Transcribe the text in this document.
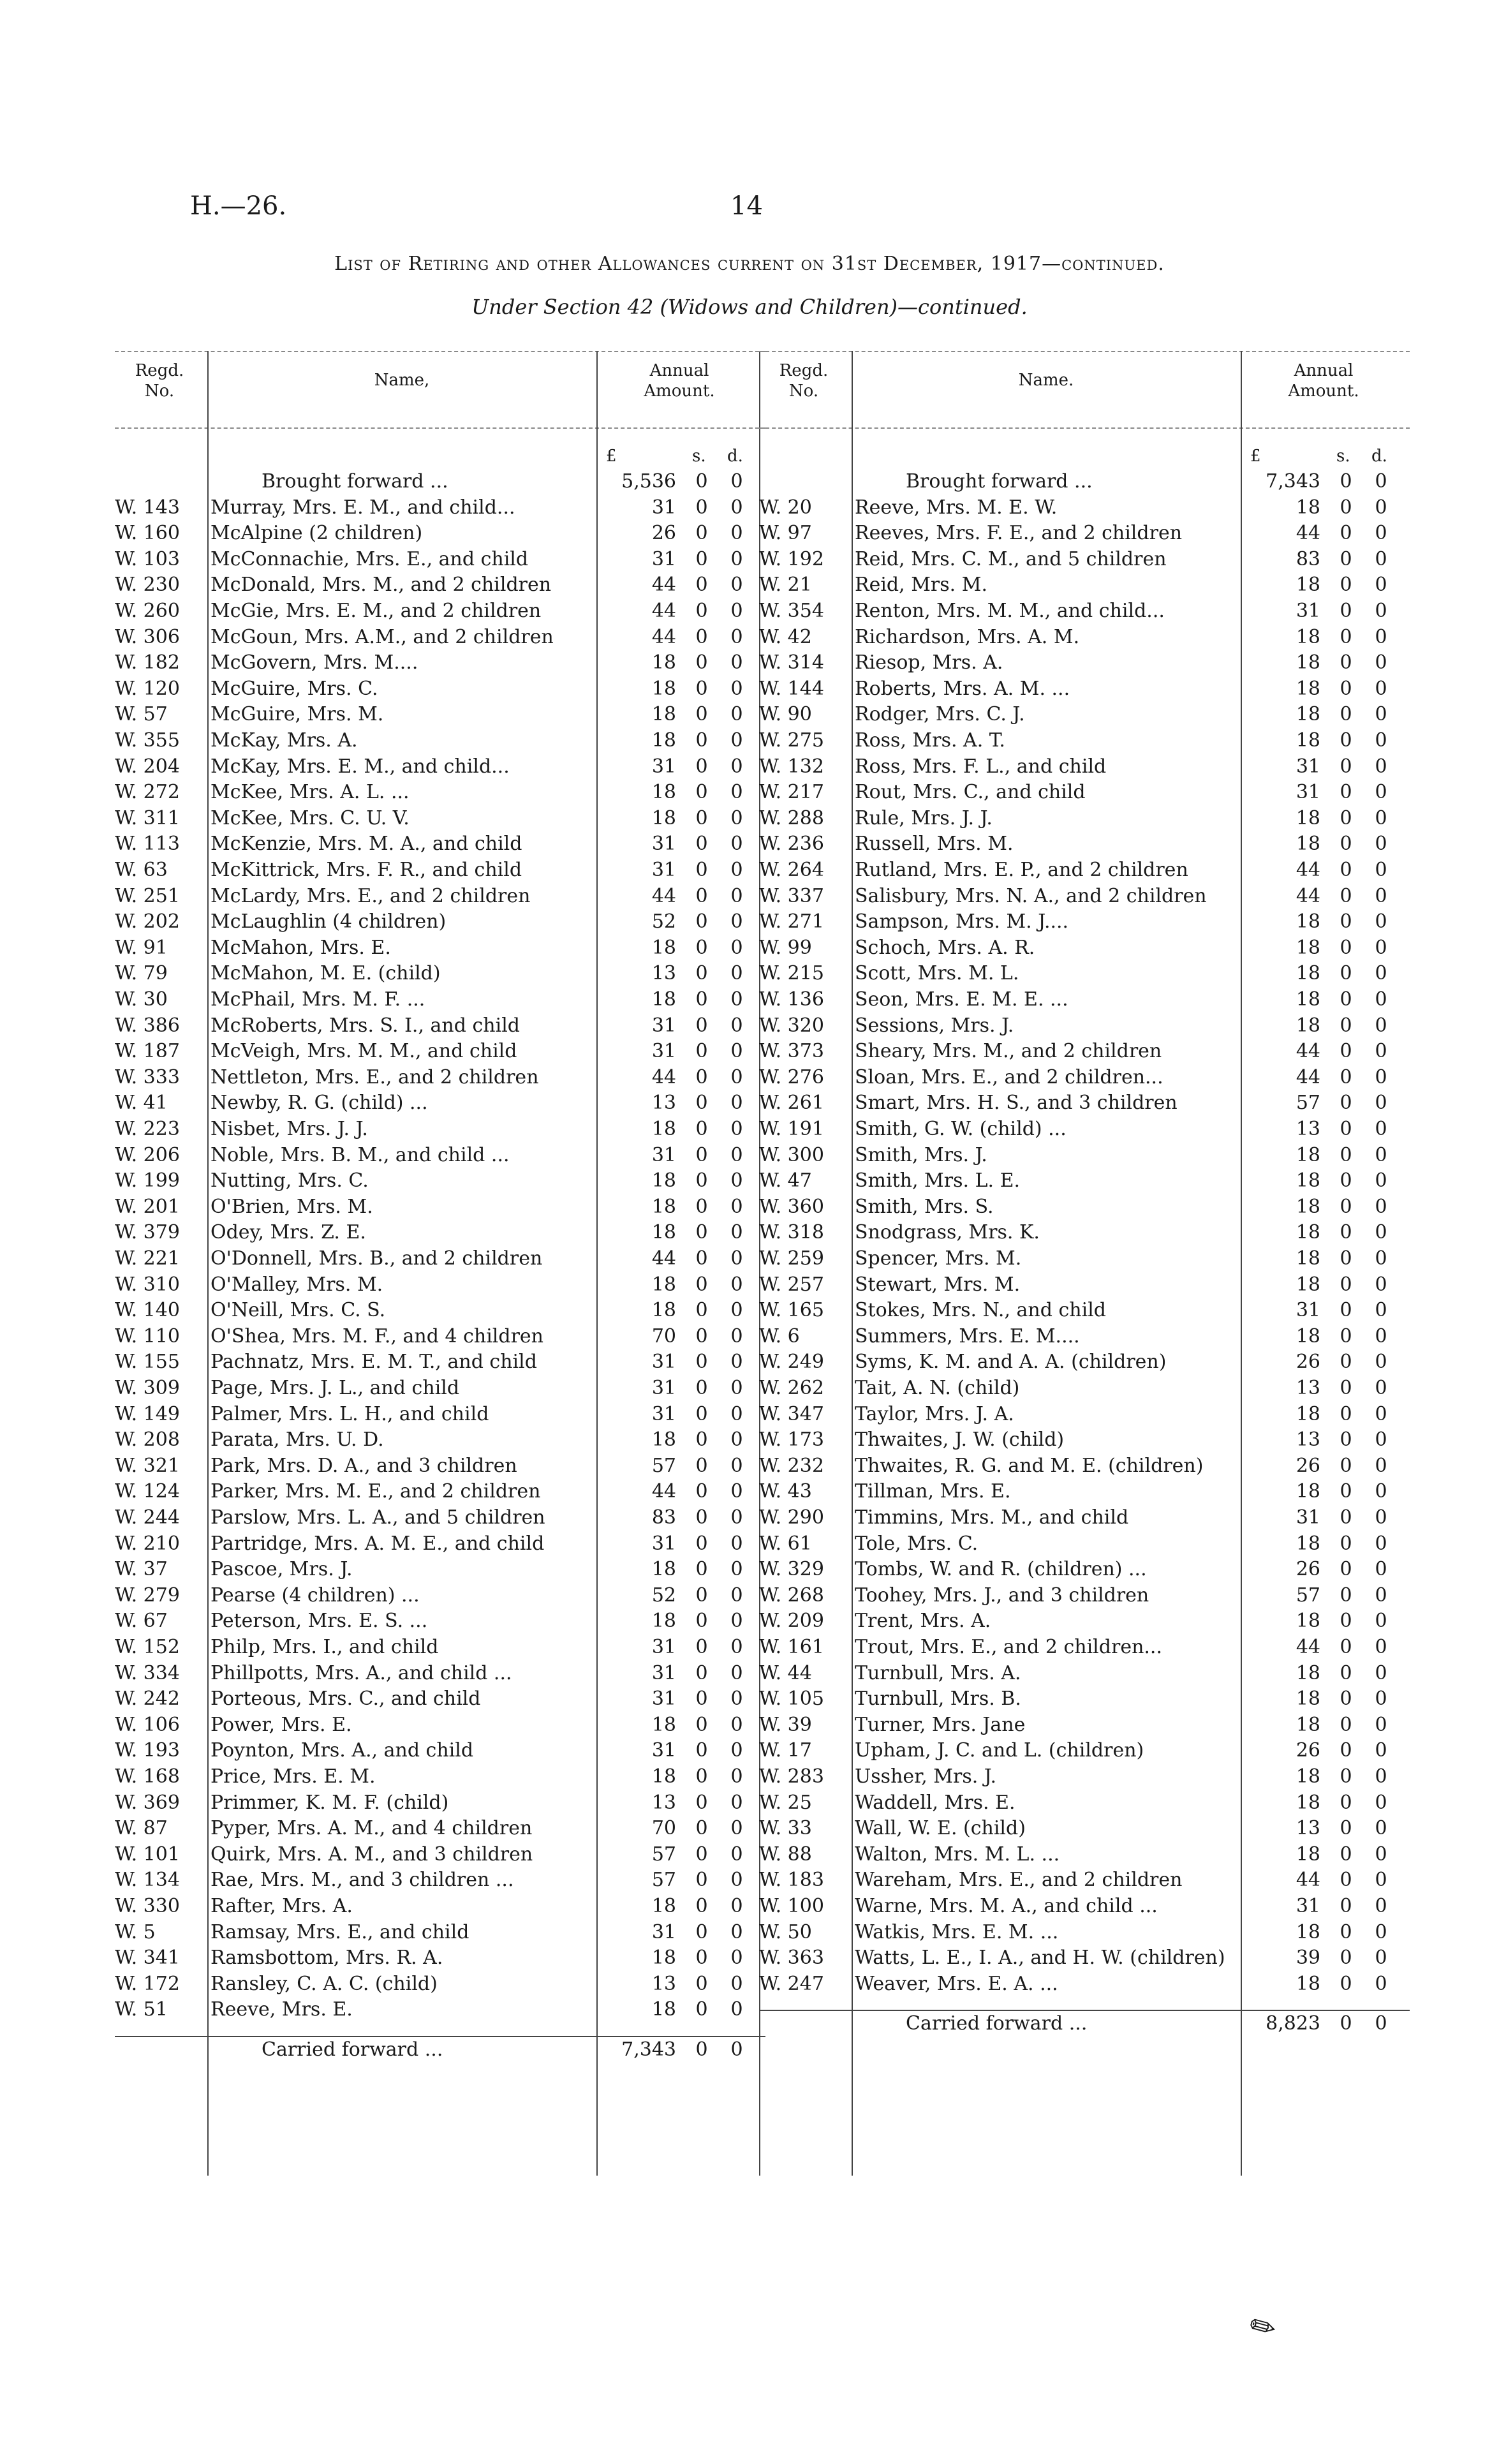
H.—26.	14
List of Retiring and other Allowances current on 31st December, 1917—continued.
Under Section 42 (Widows and Children)—continued.
Regd.
No.
Name,	Annual
Amount.
£	s. d.
Brought forward ...	5,536 0 0
W. 143	Murray, Mrs. E. M., and child...	31 0 0
W. 160	McAlpine (2 children)	26 0 0
W. 103	McConnachie, Mrs. E., and child	31 0 0
W. 230	McDonald, Mrs. M., and 2 children	44 0 0
W. 260	McGie, Mrs. E. M., and 2 children	44 0 0
W. 306	McGoun, Mrs. A.M., and 2 children	44 0 0
W. 182	McGovern, Mrs. M....	18 0 0
W. 120	McGuire, Mrs. C.	18 0 0
W. 57	McGuire, Mrs. M.	18 0 0
W. 355	McKay, Mrs. A.	18 0 0
W. 204	McKay, Mrs. E. M., and child...	31 0 0
W. 272	McKee, Mrs. A. L. ...	18 0 0
W. 311	McKee, Mrs. C. U. V.	18 0 0
W. 113	McKenzie, Mrs. M. A., and child	31 0 0
W. 63	McKittrick, Mrs. F. R., and child	31 0 0
W. 251	McLardy, Mrs. E., and 2 children	44 0 0
W. 202	McLaughlin (4 children)	52 0 0
W. 91	McMahon, Mrs. E.	18 0 0
W. 79	McMahon, M. E. (child)	13 0 0
W. 30	McPhail, Mrs. M. F. ...	18 0 0
W. 386	McRoberts, Mrs. S. I., and child	31 0 0
W. 187	McVeigh, Mrs. M. M., and child	31 0 0
W. 333	Nettleton, Mrs. E., and 2 children	44 0 0
W. 41	Newby, R. G. (child) ...	13 0 0
W. 223	Nisbet, Mrs. J. J.	18 0 0
W. 206	Noble, Mrs. B. M., and child ...	31 0 0
W. 199	Nutting, Mrs. C.	18 0 0
W. 201	O'Brien, Mrs. M.	18 0 0
W. 379	Odey, Mrs. Z. E.	18 0 0
W. 221	O'Donnell, Mrs. B., and 2 children	44 0 0
W. 310	O'Malley, Mrs. M.	18 0 0
W. 140	O'Neill, Mrs. C. S.	18 0 0
W. 110	O'Shea, Mrs. M. F., and 4 children	70 0 0
W. 155	Pachnatz, Mrs. E. M. T., and child	31 0 0
W. 309	Page, Mrs. J. L., and child	31 0 0
W. 149	Palmer, Mrs. L. H., and child	31 0 0
W. 208	Parata, Mrs. U. D.	18 0 0
W. 321	Park, Mrs. D. A., and 3 children	57 0 0
W. 124	Parker, Mrs. M. E., and 2 children	44 0 0
W. 244	Parslow, Mrs. L. A., and 5 children	83 0 0
W. 210	Partridge, Mrs. A. M. E., and child	31 0 0
W. 37	Pascoe, Mrs. J.	18 0 0
W. 279	Pearse (4 children) ...	52 0 0
W. 67	Peterson, Mrs. E. S. ...	18 0 0
W. 152	Philp, Mrs. I., and child	31 0 0
W. 334	Phillpotts, Mrs. A., and child ...	31 0 0
W. 242	Porteous, Mrs. C., and child	31 0 0
W. 106	Power, Mrs. E.	18 0 0
W. 193	Poynton, Mrs. A., and child	31 0 0
W. 168	Price, Mrs. E. M.	18 0 0
W. 369	Primmer, K. M. F. (child)	13 0 0
W. 87	Pyper, Mrs. A. M., and 4 children	70 0 0
W. 101	Quirk, Mrs. A. M., and 3 children	57 0 0
W. 134	Rae, Mrs. M., and 3 children ...	57 0 0
W. 330	Rafter, Mrs. A.	18 0 0
W. 5	Ramsay, Mrs. E., and child	31 0 0
W. 341	Ramsbottom, Mrs. R. A.	18 0 0
W. 172	Ransley, C. A. C. (child)	13 0 0
W. 51	Reeve, Mrs. E.	18 0 0
Carried forward ...	7,343 0 0
Regd.
No.
Name.	Annual
Amount.
£	s. d.
Brought forward ...	7,343 0 0
W. 20	Reeve, Mrs. M. E. W.	18 0 0
W. 97	Reeves, Mrs. F. E., and 2 children	44 0 0
W. 192	Reid, Mrs. C. M., and 5 children	83 0 0
W. 21	Reid, Mrs. M.	18 0 0
W. 354	Renton, Mrs. M. M., and child...	31 0 0
W. 42	Richardson, Mrs. A. M.	18 0 0
W. 314	Riesop, Mrs. A.	18 0 0
W. 144	Roberts, Mrs. A. M. ...	18 0 0
W. 90	Rodger, Mrs. C. J.	18 0 0
W. 275	Ross, Mrs. A. T.	18 0 0
W. 132	Ross, Mrs. F. L., and child	31 0 0
W. 217	Rout, Mrs. C., and child	31 0 0
W. 288	Rule, Mrs. J. J.	18 0 0
W. 236	Russell, Mrs. M.	18 0 0
W. 264	Rutland, Mrs. E. P., and 2 children	44 0 0
W. 337	Salisbury, Mrs. N. A., and 2 children	44 0 0
W. 271	Sampson, Mrs. M. J....	18 0 0
W. 99	Schoch, Mrs. A. R.	18 0 0
W. 215	Scott, Mrs. M. L.	18 0 0
W. 136	Seon, Mrs. E. M. E. ...	18 0 0
W. 320	Sessions, Mrs. J.	18 0 0
W. 373	Sheary, Mrs. M., and 2 children	44 0 0
W. 276	Sloan, Mrs. E., and 2 children...	44 0 0
W. 261	Smart, Mrs. H. S., and 3 children	57 0 0
W. 191	Smith, G. W. (child) ...	13 0 0
W. 300	Smith, Mrs. J.	18 0 0
W. 47	Smith, Mrs. L. E.	18 0 0
W. 360	Smith, Mrs. S.	18 0 0
W. 318	Snodgrass, Mrs. K.	18 0 0
W. 259	Spencer, Mrs. M.	18 0 0
W. 257	Stewart, Mrs. M.	18 0 0
W. 165	Stokes, Mrs. N., and child	31 0 0
W. 6	Summers, Mrs. E. M....	18 0 0
W. 249	Syms, K. M. and A. A. (children)	26 0 0
W. 262	Tait, A. N. (child)	13 0 0
W. 347	Taylor, Mrs. J. A.	18 0 0
W. 173	Thwaites, J. W. (child)	13 0 0
W. 232	Thwaites, R. G. and M. E. (children)	26 0 0
W. 43	Tillman, Mrs. E.	18 0 0
W. 290	Timmins, Mrs. M., and child	31 0 0
W. 61	Tole, Mrs. C.	18 0 0
W. 329	Tombs, W. and R. (children) ...	26 0 0
W. 268	Toohey, Mrs. J., and 3 children	57 0 0
W. 209	Trent, Mrs. A.	18 0 0
W. 161	Trout, Mrs. E., and 2 children...	44 0 0
W. 44	Turnbull, Mrs. A.	18 0 0
W. 105	Turnbull, Mrs. B.	18 0 0
W. 39	Turner, Mrs. Jane	18 0 0
W. 17	Upham, J. C. and L. (children)	26 0 0
W. 283	Ussher, Mrs. J.	18 0 0
W. 25	Waddell, Mrs. E.	18 0 0
W. 33	Wall, W. E. (child)	13 0 0
W. 88	Walton, Mrs. M. L. ...	18 0 0
W. 183	Wareham, Mrs. E., and 2 children	44 0 0
W. 100	Warne, Mrs. M. A., and child ...	31 0 0
W. 50	Watkis, Mrs. E. M. ...	18 0 0
W. 363	Watts, L. E., I. A., and H. W. (children)	39 0 0
W. 247	Weaver, Mrs. E. A. ...	18 0 0
Carried forward ...	8,823 0 0
✎
